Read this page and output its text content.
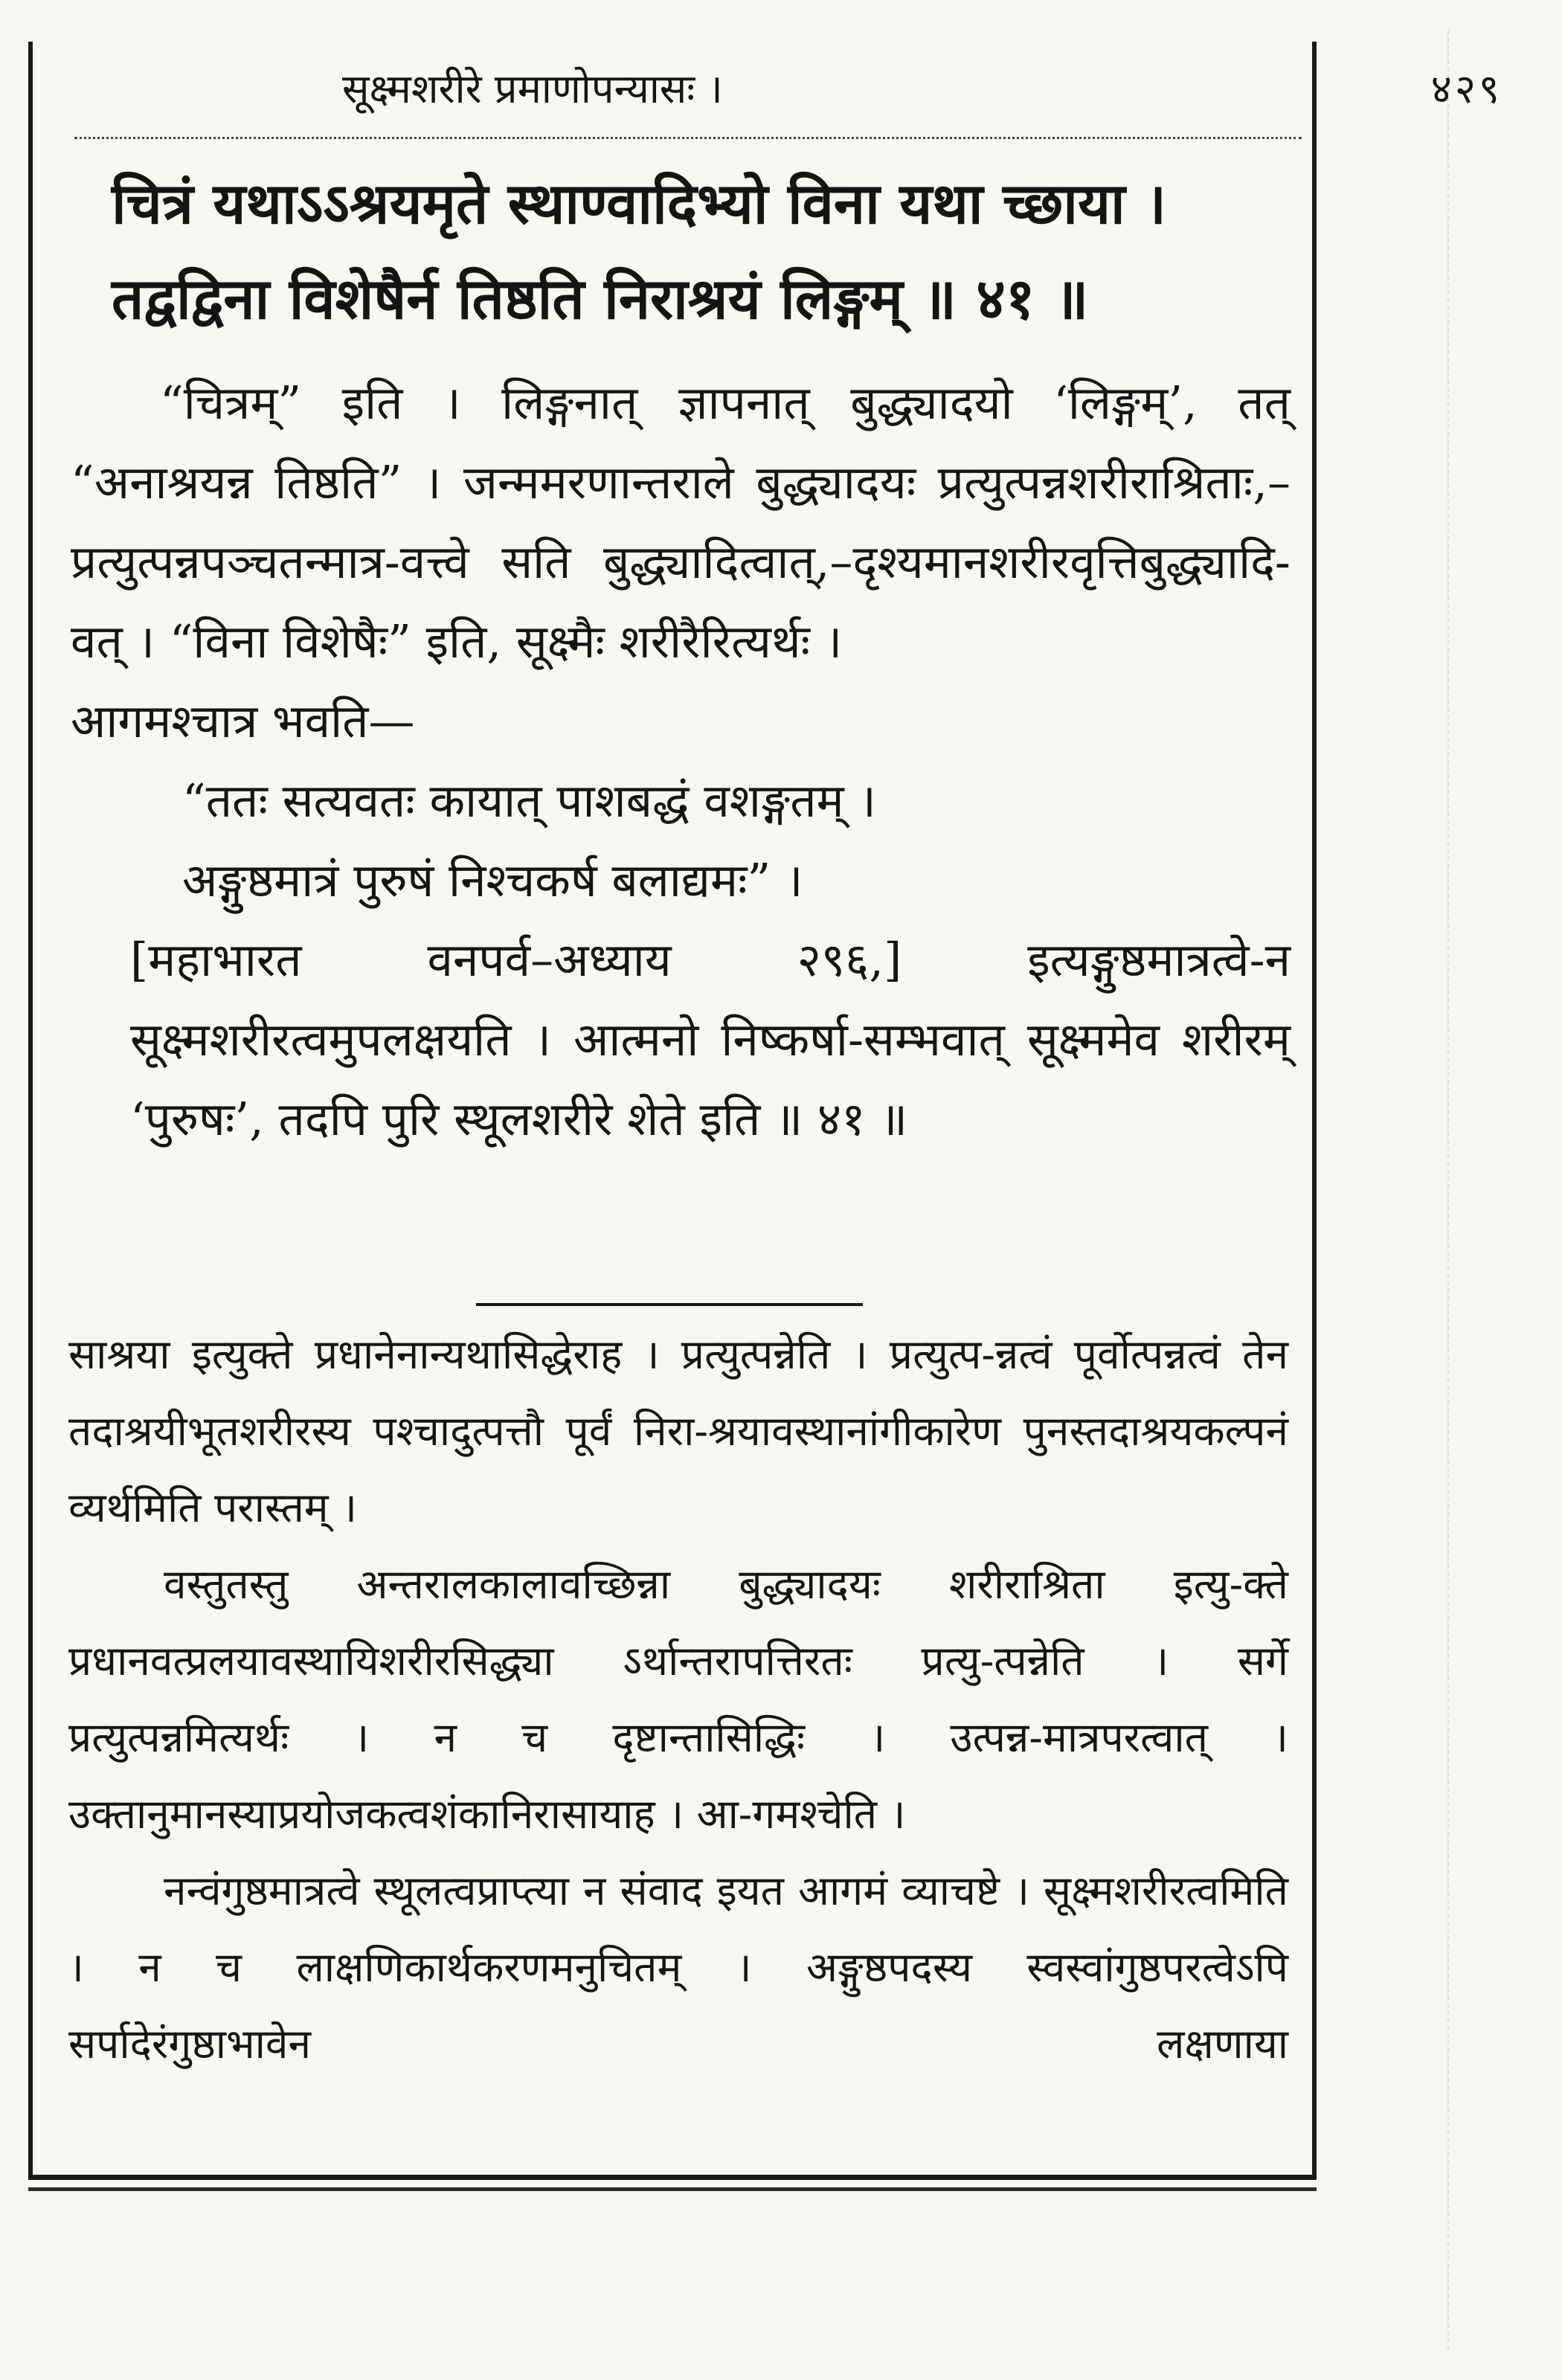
सूक्ष्मशरीरे प्रमाणोपन्यासः ।	४२९

चित्रं यथाऽऽश्रयमृते स्थाण्वादिभ्यो विना यथा च्छाया ।

तद्वद्विना विशेषैर्न तिष्ठति निराश्रयं लिङ्गम् ॥ ४१ ॥

“चित्रम्” इति । लिङ्गनात् ज्ञापनात् बुद्ध्यादयो ‘लिङ्गम्’, तत् “अनाश्रयन्न तिष्ठति” । जन्ममरणान्तराले बुद्ध्यादयः प्रत्युत्पन्नशरीराश्रिताः,–प्रत्युत्पन्नपञ्चतन्मात्र-वत्त्वे सति बुद्ध्यादित्वात्,–दृश्यमानशरीरवृत्तिबुद्ध्यादि-वत् । “विना विशेषैः” इति, सूक्ष्मैः शरीरैरित्यर्थः ।

आगमश्चात्र भवति—

“ततः सत्यवतः कायात् पाशबद्धं वशङ्गतम् ।

अङ्गुष्ठमात्रं पुरुषं निश्चकर्ष बलाद्यमः” ।

[महाभारत वनपर्व–अध्याय २९६,] इत्यङ्गुष्ठमात्रत्वे-न सूक्ष्मशरीरत्वमुपलक्षयति । आत्मनो निष्कर्षा-सम्भवात् सूक्ष्ममेव शरीरम् ‘पुरुषः’, तदपि पुरि स्थूलशरीरे शेते इति ॥ ४१ ॥

साश्रया इत्युक्ते प्रधानेनान्यथासिद्धेराह । प्रत्युत्पन्नेति । प्रत्युत्प-न्नत्वं पूर्वोत्पन्नत्वं तेन तदाश्रयीभूतशरीरस्य पश्चादुत्पत्तौ पूर्वं निरा-श्रयावस्थानांगीकारेण पुनस्तदाश्रयकल्पनं व्यर्थमिति परास्तम् ।

वस्तुतस्तु अन्तरालकालावच्छिन्ना बुद्ध्यादयः शरीराश्रिता इत्यु-क्ते प्रधानवत्प्रलयावस्थायिशरीरसिद्ध्या ऽर्थान्तरापत्तिरतः प्रत्यु-त्पन्नेति । सर्गे प्रत्युत्पन्नमित्यर्थः । न च दृष्टान्तासिद्धिः । उत्पन्न-मात्रपरत्वात् । उक्तानुमानस्याप्रयोजकत्वशंकानिरासायाह । आ-गमश्चेति ।

नन्वंगुष्ठमात्रत्वे स्थूलत्वप्राप्त्या न संवाद इयत आगमं व्याचष्टे । सूक्ष्मशरीरत्वमिति । न च लाक्षणिकार्थकरणमनुचितम् । अङ्गुष्ठपदस्य स्वस्वांगुष्ठपरत्वेऽपि सर्पादेरंगुष्ठाभावेन लक्षणाया
